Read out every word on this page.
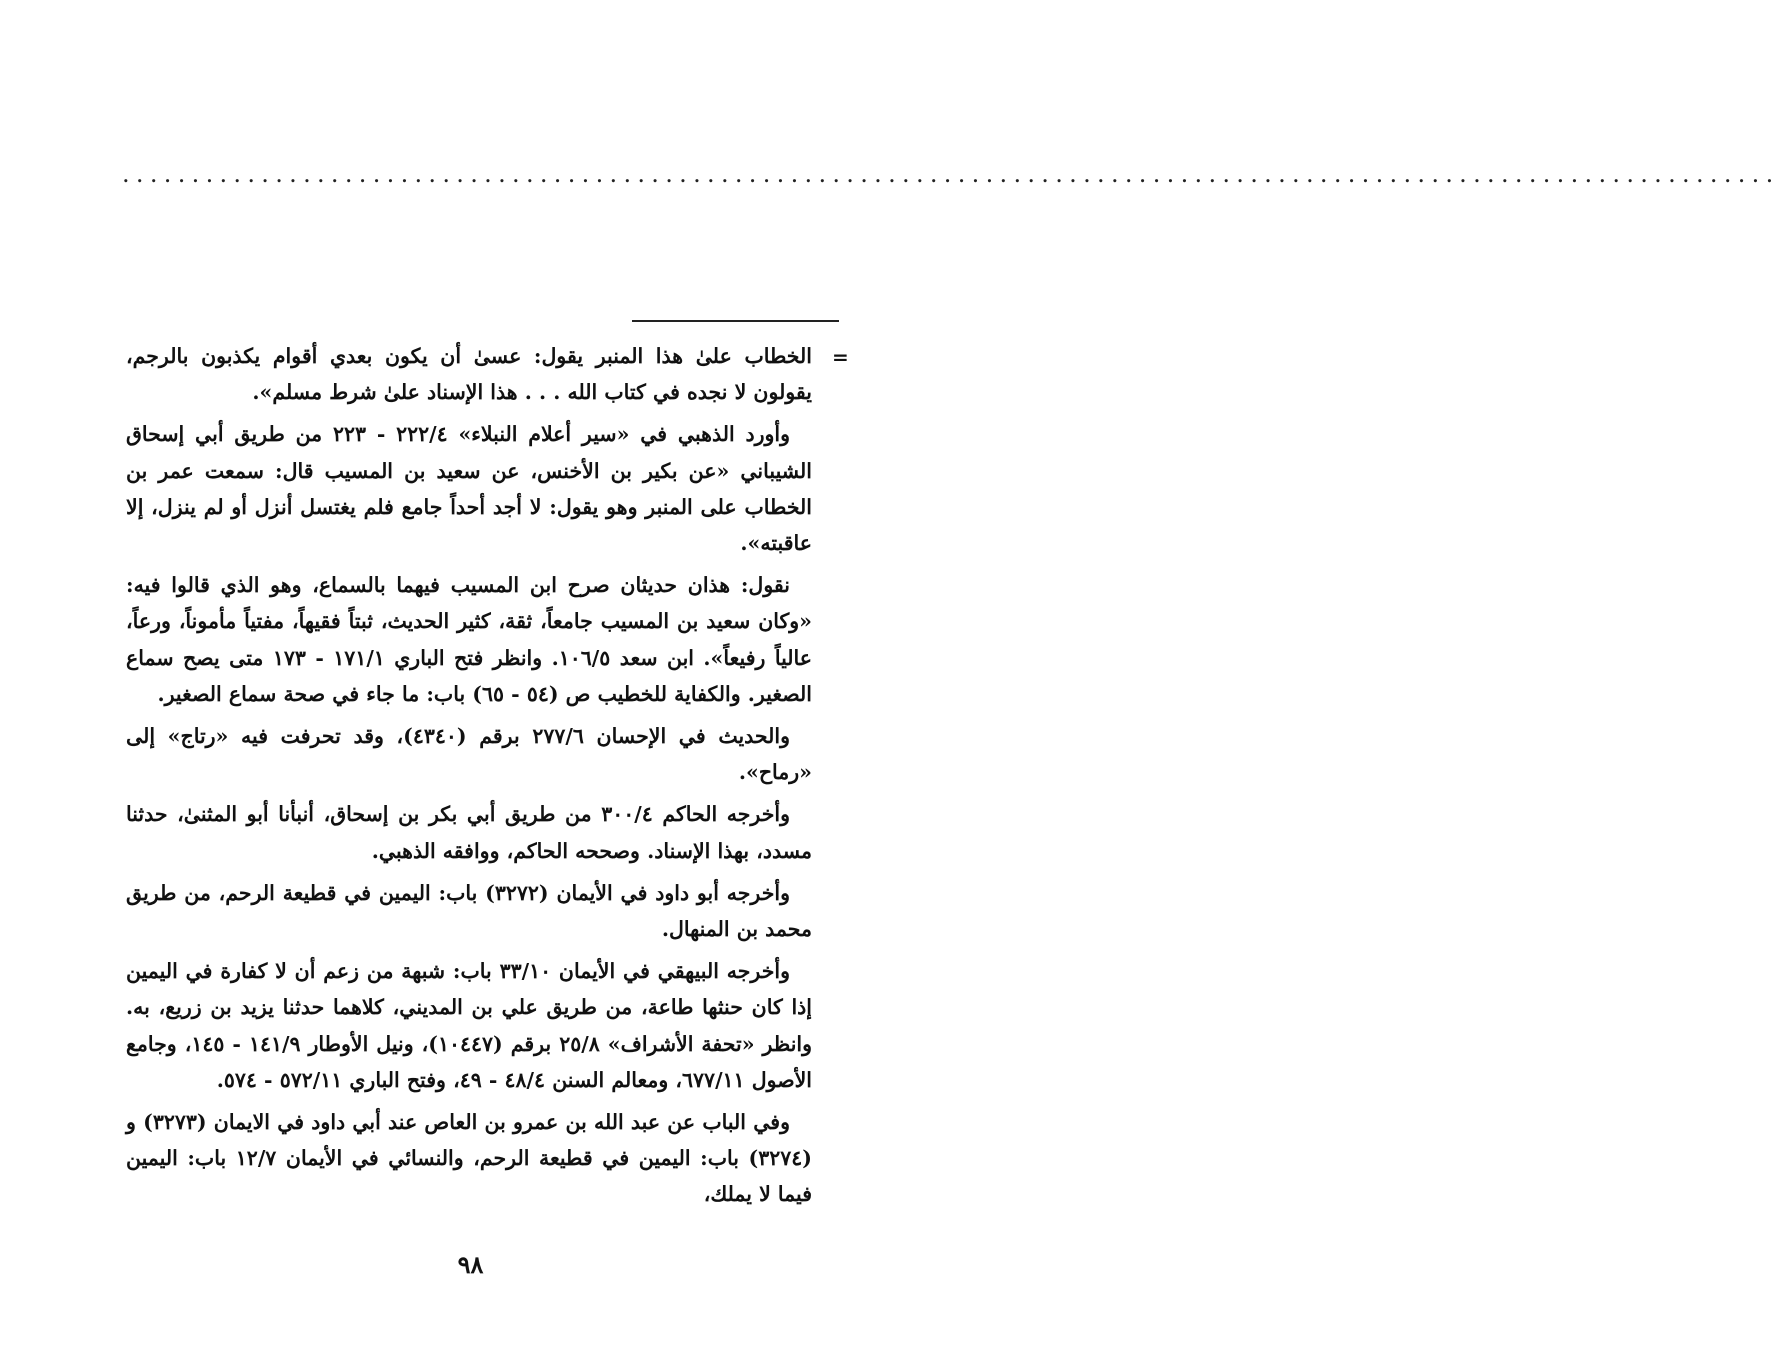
.......................................................................................................................
=

الخطاب علىٰ هذا المنبر يقول: عسىٰ أن يكون بعدي أقوام يكذبون بالرجم، يقولون لا نجده في كتاب الله . . . هذا الإسناد علىٰ شرط مسلم».

وأورد الذهبي في «سير أعلام النبلاء» ٢٢٢/٤ - ٢٢٣ من طريق أبي إسحاق الشيباني «عن بكير بن الأخنس، عن سعيد بن المسيب قال: سمعت عمر بن الخطاب على المنبر وهو يقول: لا أجد أحداً جامع فلم يغتسل أنزل أو لم ينزل، إلا عاقبته».

نقول: هذان حديثان صرح ابن المسيب فيهما بالسماع، وهو الذي قالوا فيه: «وكان سعيد بن المسيب جامعاً، ثقة، كثير الحديث، ثبتاً فقيهاً، مفتياً مأموناً، ورعاً، عالياً رفيعاً». ابن سعد ١٠٦/٥. وانظر فتح الباري ١٧١/١ - ١٧٣ متى يصح سماع الصغير. والكفاية للخطيب ص (٥٤ - ٦٥) باب: ما جاء في صحة سماع الصغير.

والحديث في الإحسان ٢٧٧/٦ برقم (٤٣٤٠)، وقد تحرفت فيه «رتاج» إلى «رماح».

وأخرجه الحاكم ٣٠٠/٤ من طريق أبي بكر بن إسحاق، أنبأنا أبو المثنىٰ، حدثنا مسدد، بهذا الإسناد. وصححه الحاكم، ووافقه الذهبي.

وأخرجه أبو داود في الأيمان (٣٢٧٢) باب: اليمين في قطيعة الرحم، من طريق محمد بن المنهال.

وأخرجه البيهقي في الأيمان ٣٣/١٠ باب: شبهة من زعم أن لا كفارة في اليمين إذا كان حنثها طاعة، من طريق علي بن المديني، كلاهما حدثنا يزيد بن زريع، به. وانظر «تحفة الأشراف» ٢٥/٨ برقم (١٠٤٤٧)، ونيل الأوطار ١٤١/٩ - ١٤٥، وجامع الأصول ٦٧٧/١١، ومعالم السنن ٤٨/٤ - ٤٩، وفتح الباري ٥٧٢/١١ - ٥٧٤.

وفي الباب عن عبد الله بن عمرو بن العاص عند أبي داود في الايمان (٣٢٧٣) و (٣٢٧٤) باب: اليمين في قطيعة الرحم، والنسائي في الأيمان ١٢/٧ باب: اليمين فيما لا يملك،

٩٨
